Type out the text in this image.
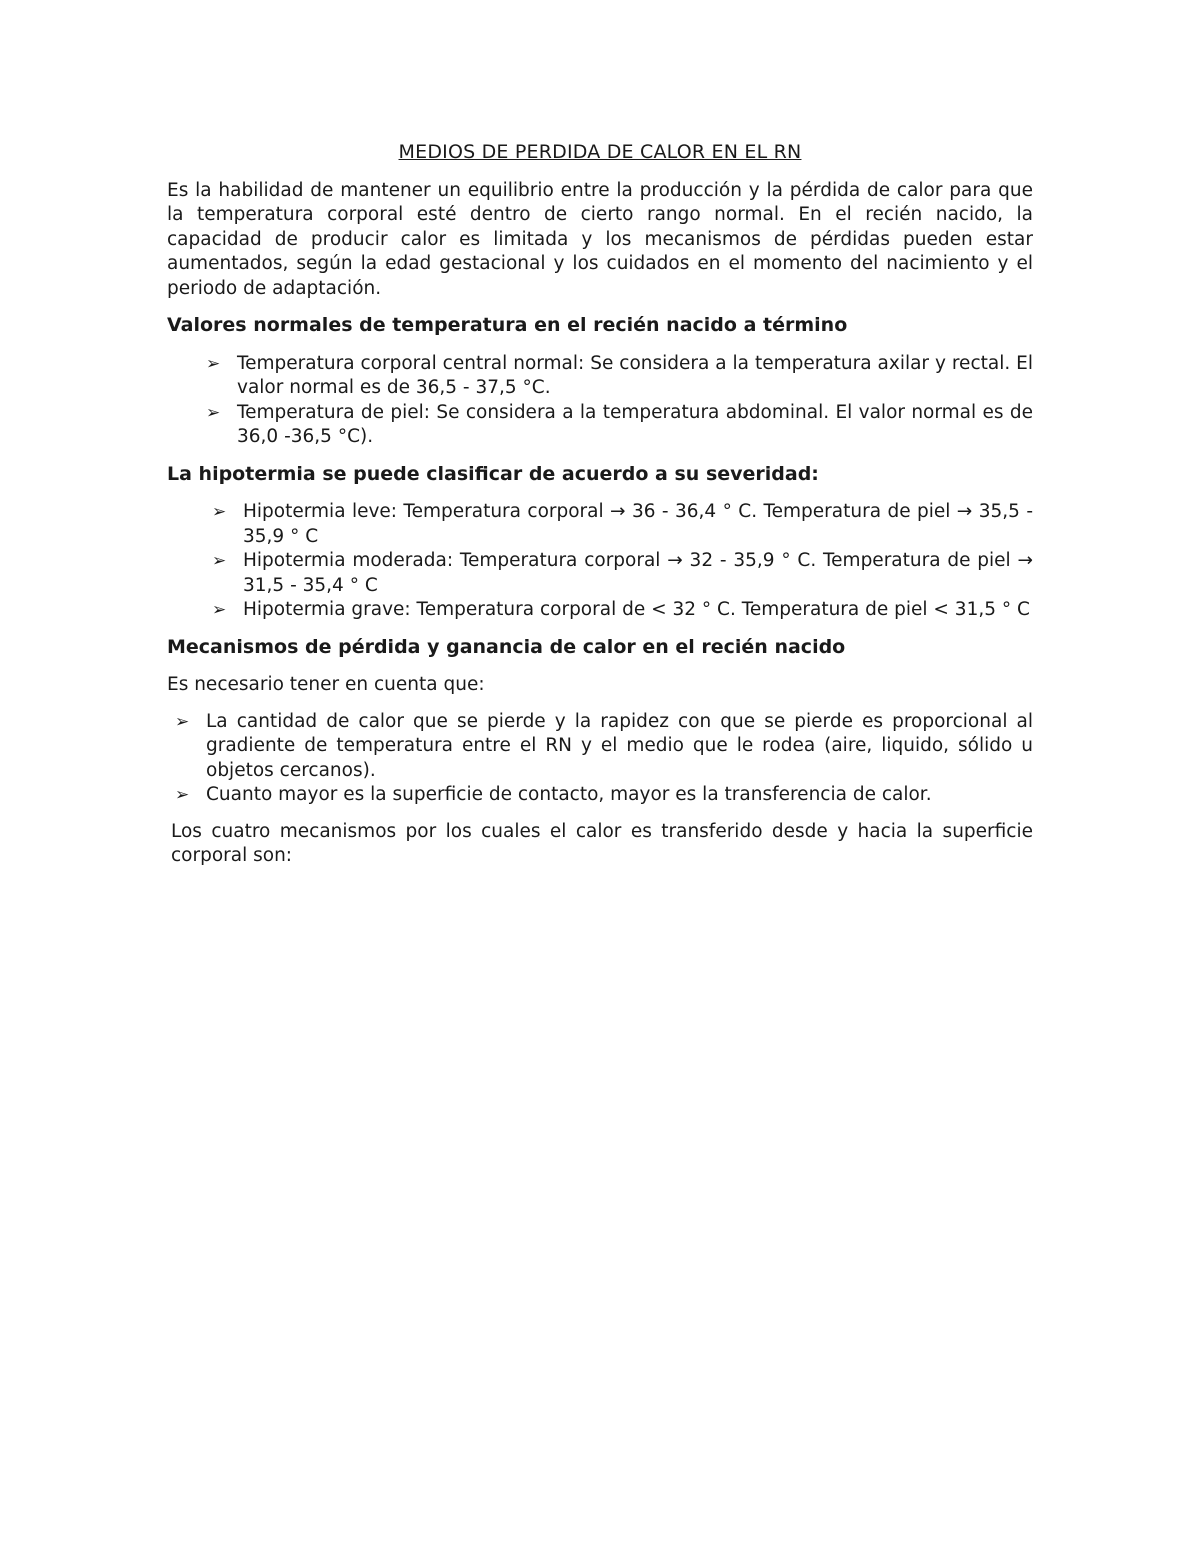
MEDIOS DE PERDIDA DE CALOR EN EL RN
Es la habilidad de mantener un equilibrio entre la producción y la pérdida de calor para que la temperatura corporal esté dentro de cierto rango normal. En el recién nacido, la capacidad de producir calor es limitada y los mecanismos de pérdidas pueden estar aumentados, según la edad gestacional y los cuidados en el momento del nacimiento y el periodo de adaptación.
Valores normales de temperatura en el recién nacido a término
➢ Temperatura corporal central normal: Se considera a la temperatura axilar y rectal. El valor normal es de 36,5 - 37,5 °C.
➢ Temperatura de piel: Se considera a la temperatura abdominal. El valor normal es de 36,0 -36,5 °C).
La hipotermia se puede clasificar de acuerdo a su severidad:
➢ Hipotermia leve: Temperatura corporal → 36 - 36,4 ° C. Temperatura de piel → 35,5 - 35,9 ° C
➢ Hipotermia moderada: Temperatura corporal → 32 - 35,9 ° C. Temperatura de piel → 31,5 - 35,4 ° C
➢ Hipotermia grave: Temperatura corporal de < 32 ° C. Temperatura de piel < 31,5 ° C
Mecanismos de pérdida y ganancia de calor en el recién nacido
Es necesario tener en cuenta que:
➢ La cantidad de calor que se pierde y la rapidez con que se pierde es proporcional al gradiente de temperatura entre el RN y el medio que le rodea (aire, liquido, sólido u objetos cercanos).
➢ Cuanto mayor es la superficie de contacto, mayor es la transferencia de calor.
Los cuatro mecanismos por los cuales el calor es transferido desde y hacia la superficie corporal son:
